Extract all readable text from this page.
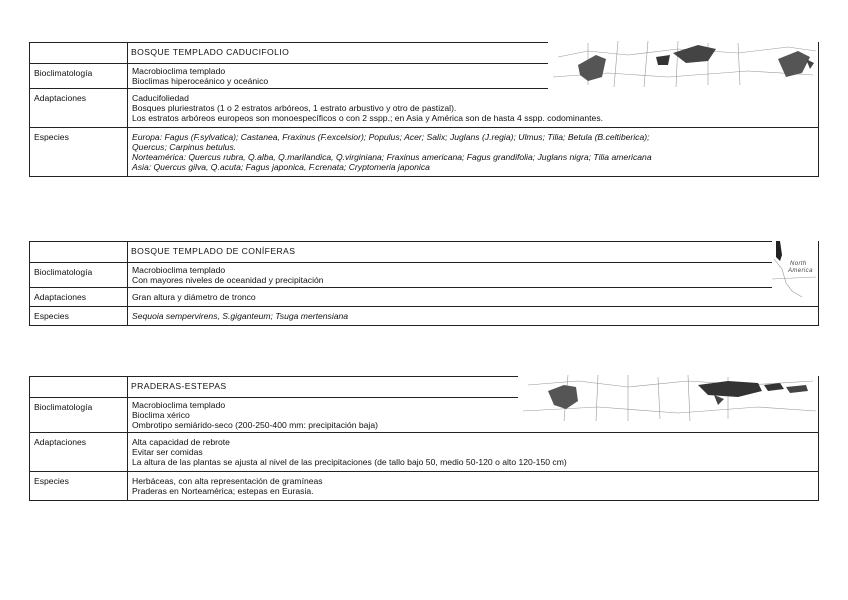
	BOSQUE TEMPLADO CADUCIFOLIO

Bioclimatología	Macrobioclima templado
Bioclimas hiperoceánico y oceánico

Adaptaciones	Caducifoliedad
Bosques pluriestratos (1 o 2 estratos arbóreos, 1 estrato arbustivo y otro de pastizal).
Los estratos arbóreos europeos son monoespecíficos o con 2 sspp.; en Asia y América son de hasta 4 sspp. codominantes.

Especies	Europa: Fagus (F.sylvatica); Castanea, Fraxinus (F.excelsior); Populus; Acer; Salix; Juglans (J.regia); Ulmus; Tilia; Betula (B.celtiberica);
Quercus; Carpinus betulus.
Norteamérica: Quercus rubra, Q.alba, Q.marilandica, Q.virginiana; Fraxinus americana; Fagus grandifolia; Juglans nigra; Tilia americana
Asia: Quercus gilva, Q.acuta; Fagus japonica, F.crenata; Cryptomeria japonica
	BOSQUE TEMPLADO DE CONÍFERAS
North
America

Bioclimatología	Macrobioclima templado
Con mayores niveles de oceanidad y precipitación

Adaptaciones	Gran altura y diámetro de tronco

Especies	Sequoia sempervirens, S.giganteum; Tsuga mertensiana
	PRADERAS-ESTEPAS

Bioclimatología	Macrobioclima templado
Bioclima xérico
Ombrotipo semiárido-seco (200-250-400 mm: precipitación baja)

Adaptaciones	Alta capacidad de rebrote
Evitar ser comidas
La altura de las plantas se ajusta al nivel de las precipitaciones (de tallo bajo 50, medio 50-120 o alto 120-150 cm)

Especies	Herbáceas, con alta representación de gramíneas
Praderas en Norteamérica; estepas en Eurasia.
